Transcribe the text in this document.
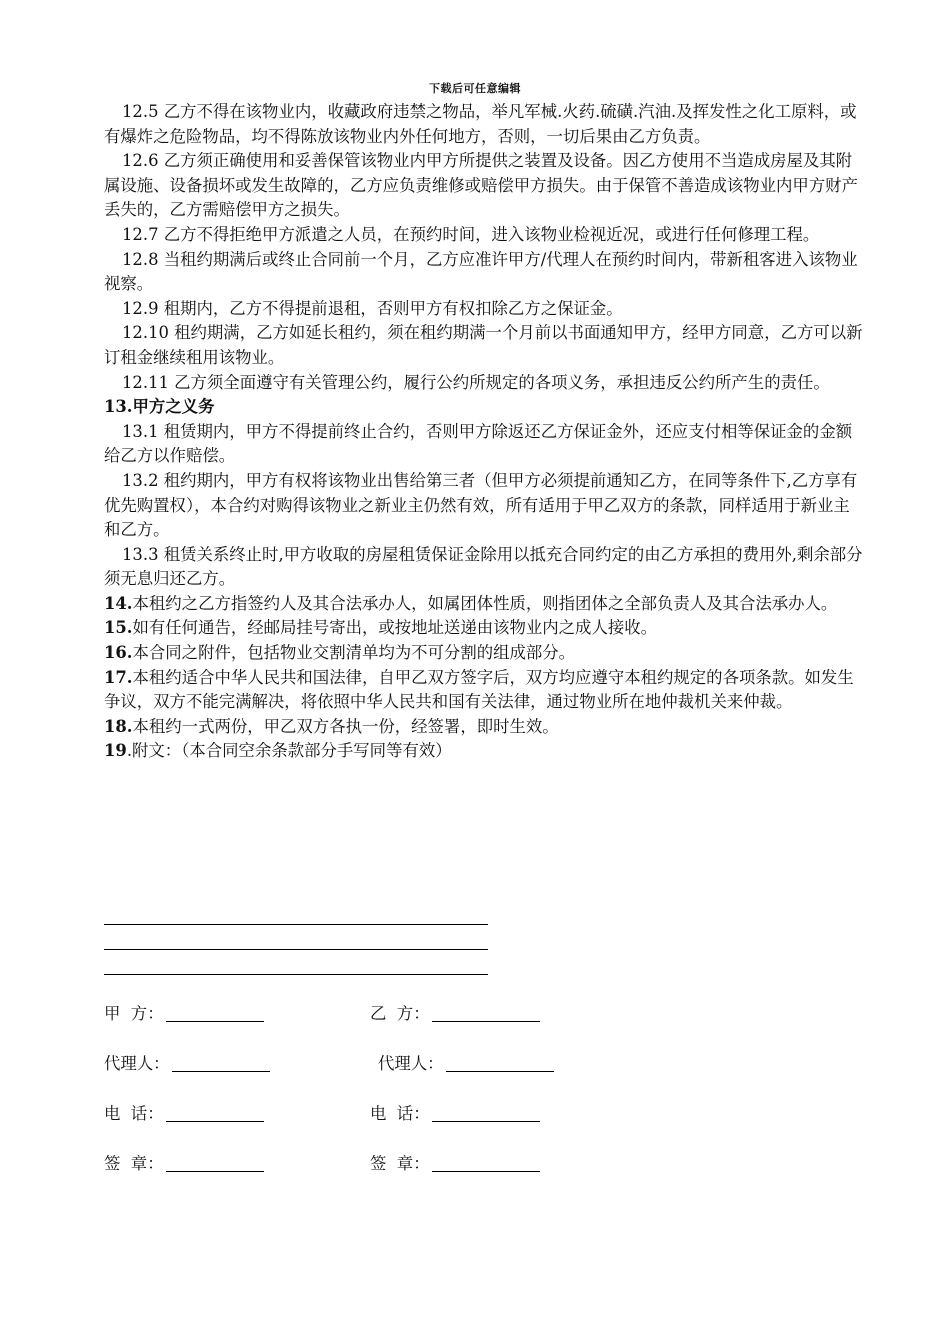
下载后可任意编辑

12.5 乙方不得在该物业内，收藏政府违禁之物品，举凡军械.火药.硫磺.汽油.及挥发性之化工原料，或有爆炸之危险物品，均不得陈放该物业内外任何地方，否则，一切后果由乙方负责。

12.6 乙方须正确使用和妥善保管该物业内甲方所提供之装置及设备。因乙方使用不当造成房屋及其附属设施、设备损坏或发生故障的，乙方应负责维修或赔偿甲方损失。由于保管不善造成该物业内甲方财产丢失的，乙方需赔偿甲方之损失。

12.7 乙方不得拒绝甲方派遣之人员，在预约时间，进入该物业检视近况，或进行任何修理工程。

12.8 当租约期满后或终止合同前一个月，乙方应准许甲方/代理人在预约时间内，带新租客进入该物业视察。

12.9 租期内，乙方不得提前退租，否则甲方有权扣除乙方之保证金。

12.10 租约期满，乙方如延长租约，须在租约期满一个月前以书面通知甲方，经甲方同意，乙方可以新订租金继续租用该物业。

12.11 乙方须全面遵守有关管理公约，履行公约所规定的各项义务，承担违反公约所产生的责任。

13.甲方之义务

13.1 租赁期内，甲方不得提前终止合约，否则甲方除返还乙方保证金外，还应支付相等保证金的金额给乙方以作赔偿。

13.2 租约期内，甲方有权将该物业出售给第三者（但甲方必须提前通知乙方，在同等条件下,乙方享有优先购置权），本合约对购得该物业之新业主仍然有效，所有适用于甲乙双方的条款，同样适用于新业主和乙方。

13.3 租赁关系终止时,甲方收取的房屋租赁保证金除用以抵充合同约定的由乙方承担的费用外,剩余部分须无息归还乙方。

14.本租约之乙方指签约人及其合法承办人，如属团体性质，则指团体之全部负责人及其合法承办人。

15.如有任何通告，经邮局挂号寄出，或按地址送递由该物业内之成人接收。

16.本合同之附件，包括物业交割清单均为不可分割的组成部分。

17.本租约适合中华人民共和国法律，自甲乙双方签字后，双方均应遵守本租约规定的各项条款。如发生争议，双方不能完满解决，将依照中华人民共和国有关法律，通过物业所在地仲裁机关来仲裁。

18.本租约一式两份，甲乙双方各执一份，经签署，即时生效。

19.附文：（本合同空余条款部分手写同等有效）

甲  方：	乙  方：
代理人：	代理人：
电  话：	电  话：
签  章：	签  章：
